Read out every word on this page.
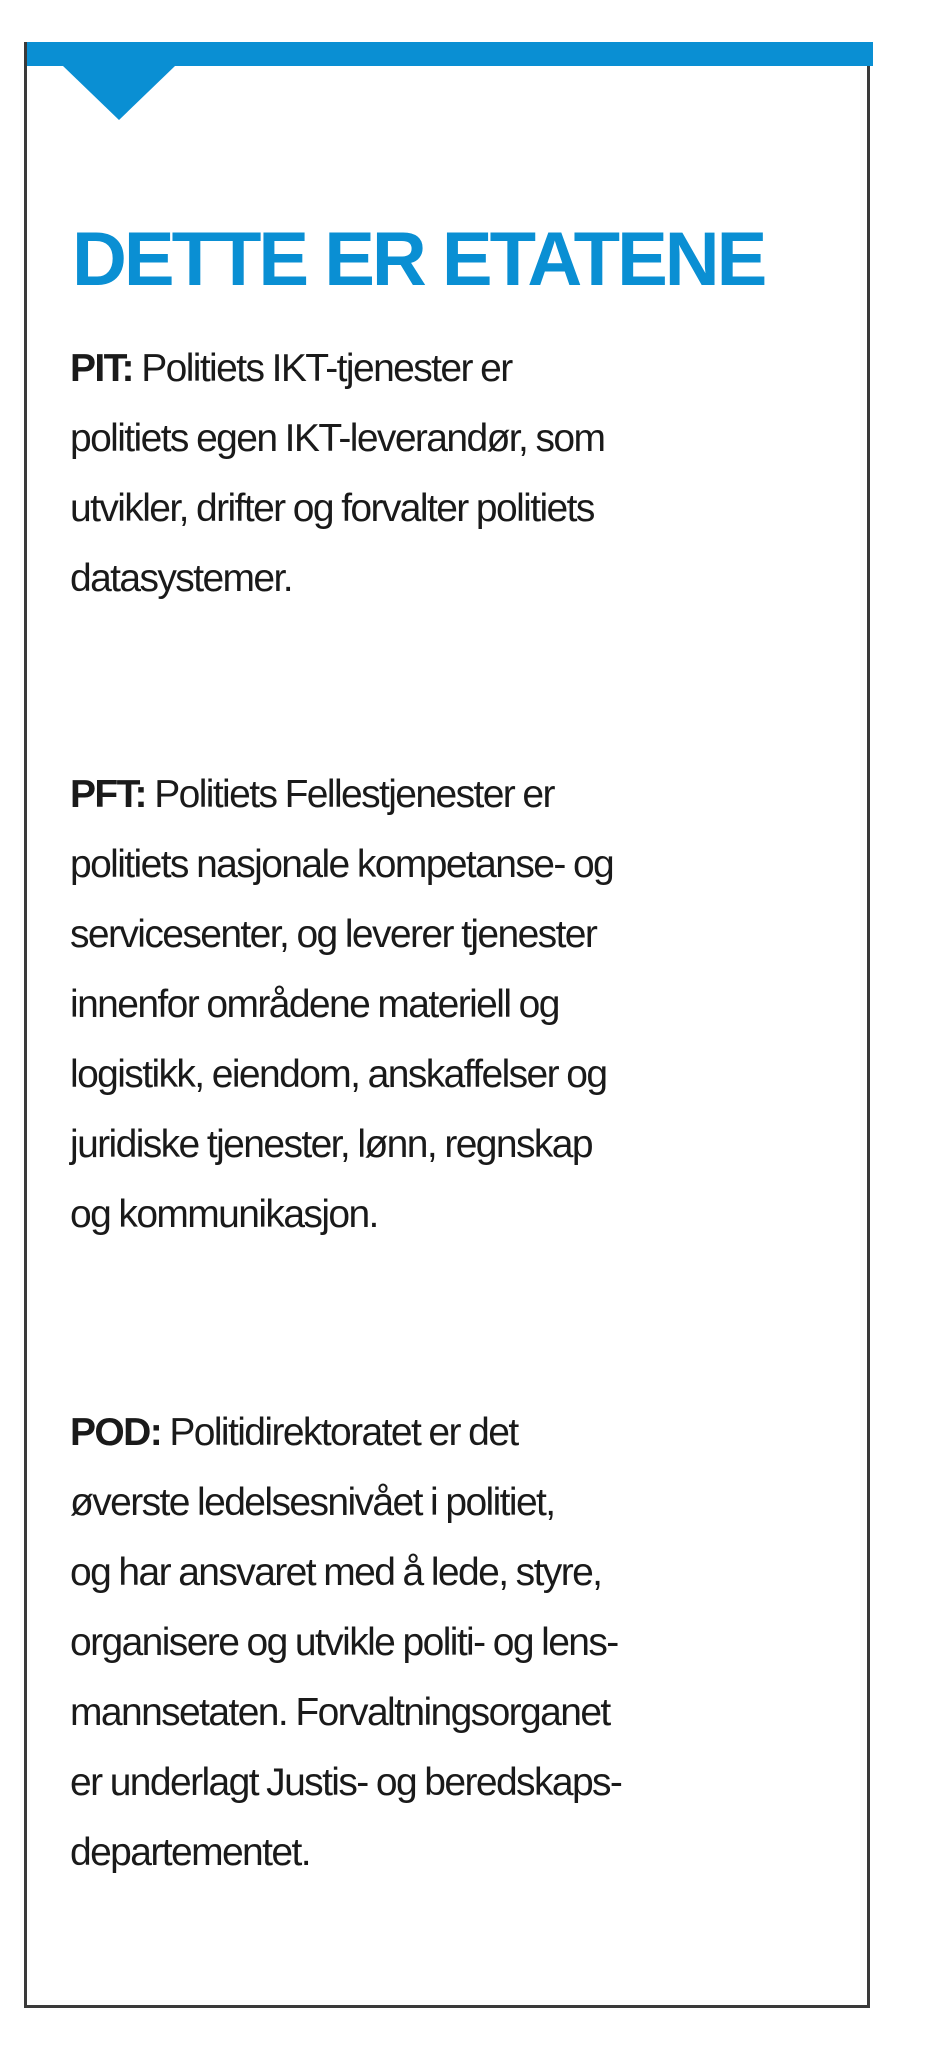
DETTE ER ETATENE

PIT: Politiets IKT-tjenester er
politiets egen IKT-leverandør, som
utvikler, drifter og forvalter politiets
datasystemer.

PFT: Politiets Fellestjenester er
politiets nasjonale kompetanse- og
servicesenter, og leverer tjenester
innenfor områdene materiell og
logistikk, eiendom, anskaffelser og
juridiske tjenester, lønn, regnskap
og kommunikasjon.

POD: Politidirektoratet er det
øverste ledelsesnivået i politiet,
og har ansvaret med å lede, styre,
organisere og utvikle politi- og lens-
mannsetaten. Forvaltningsorganet
er underlagt Justis- og beredskaps-
departementet.
